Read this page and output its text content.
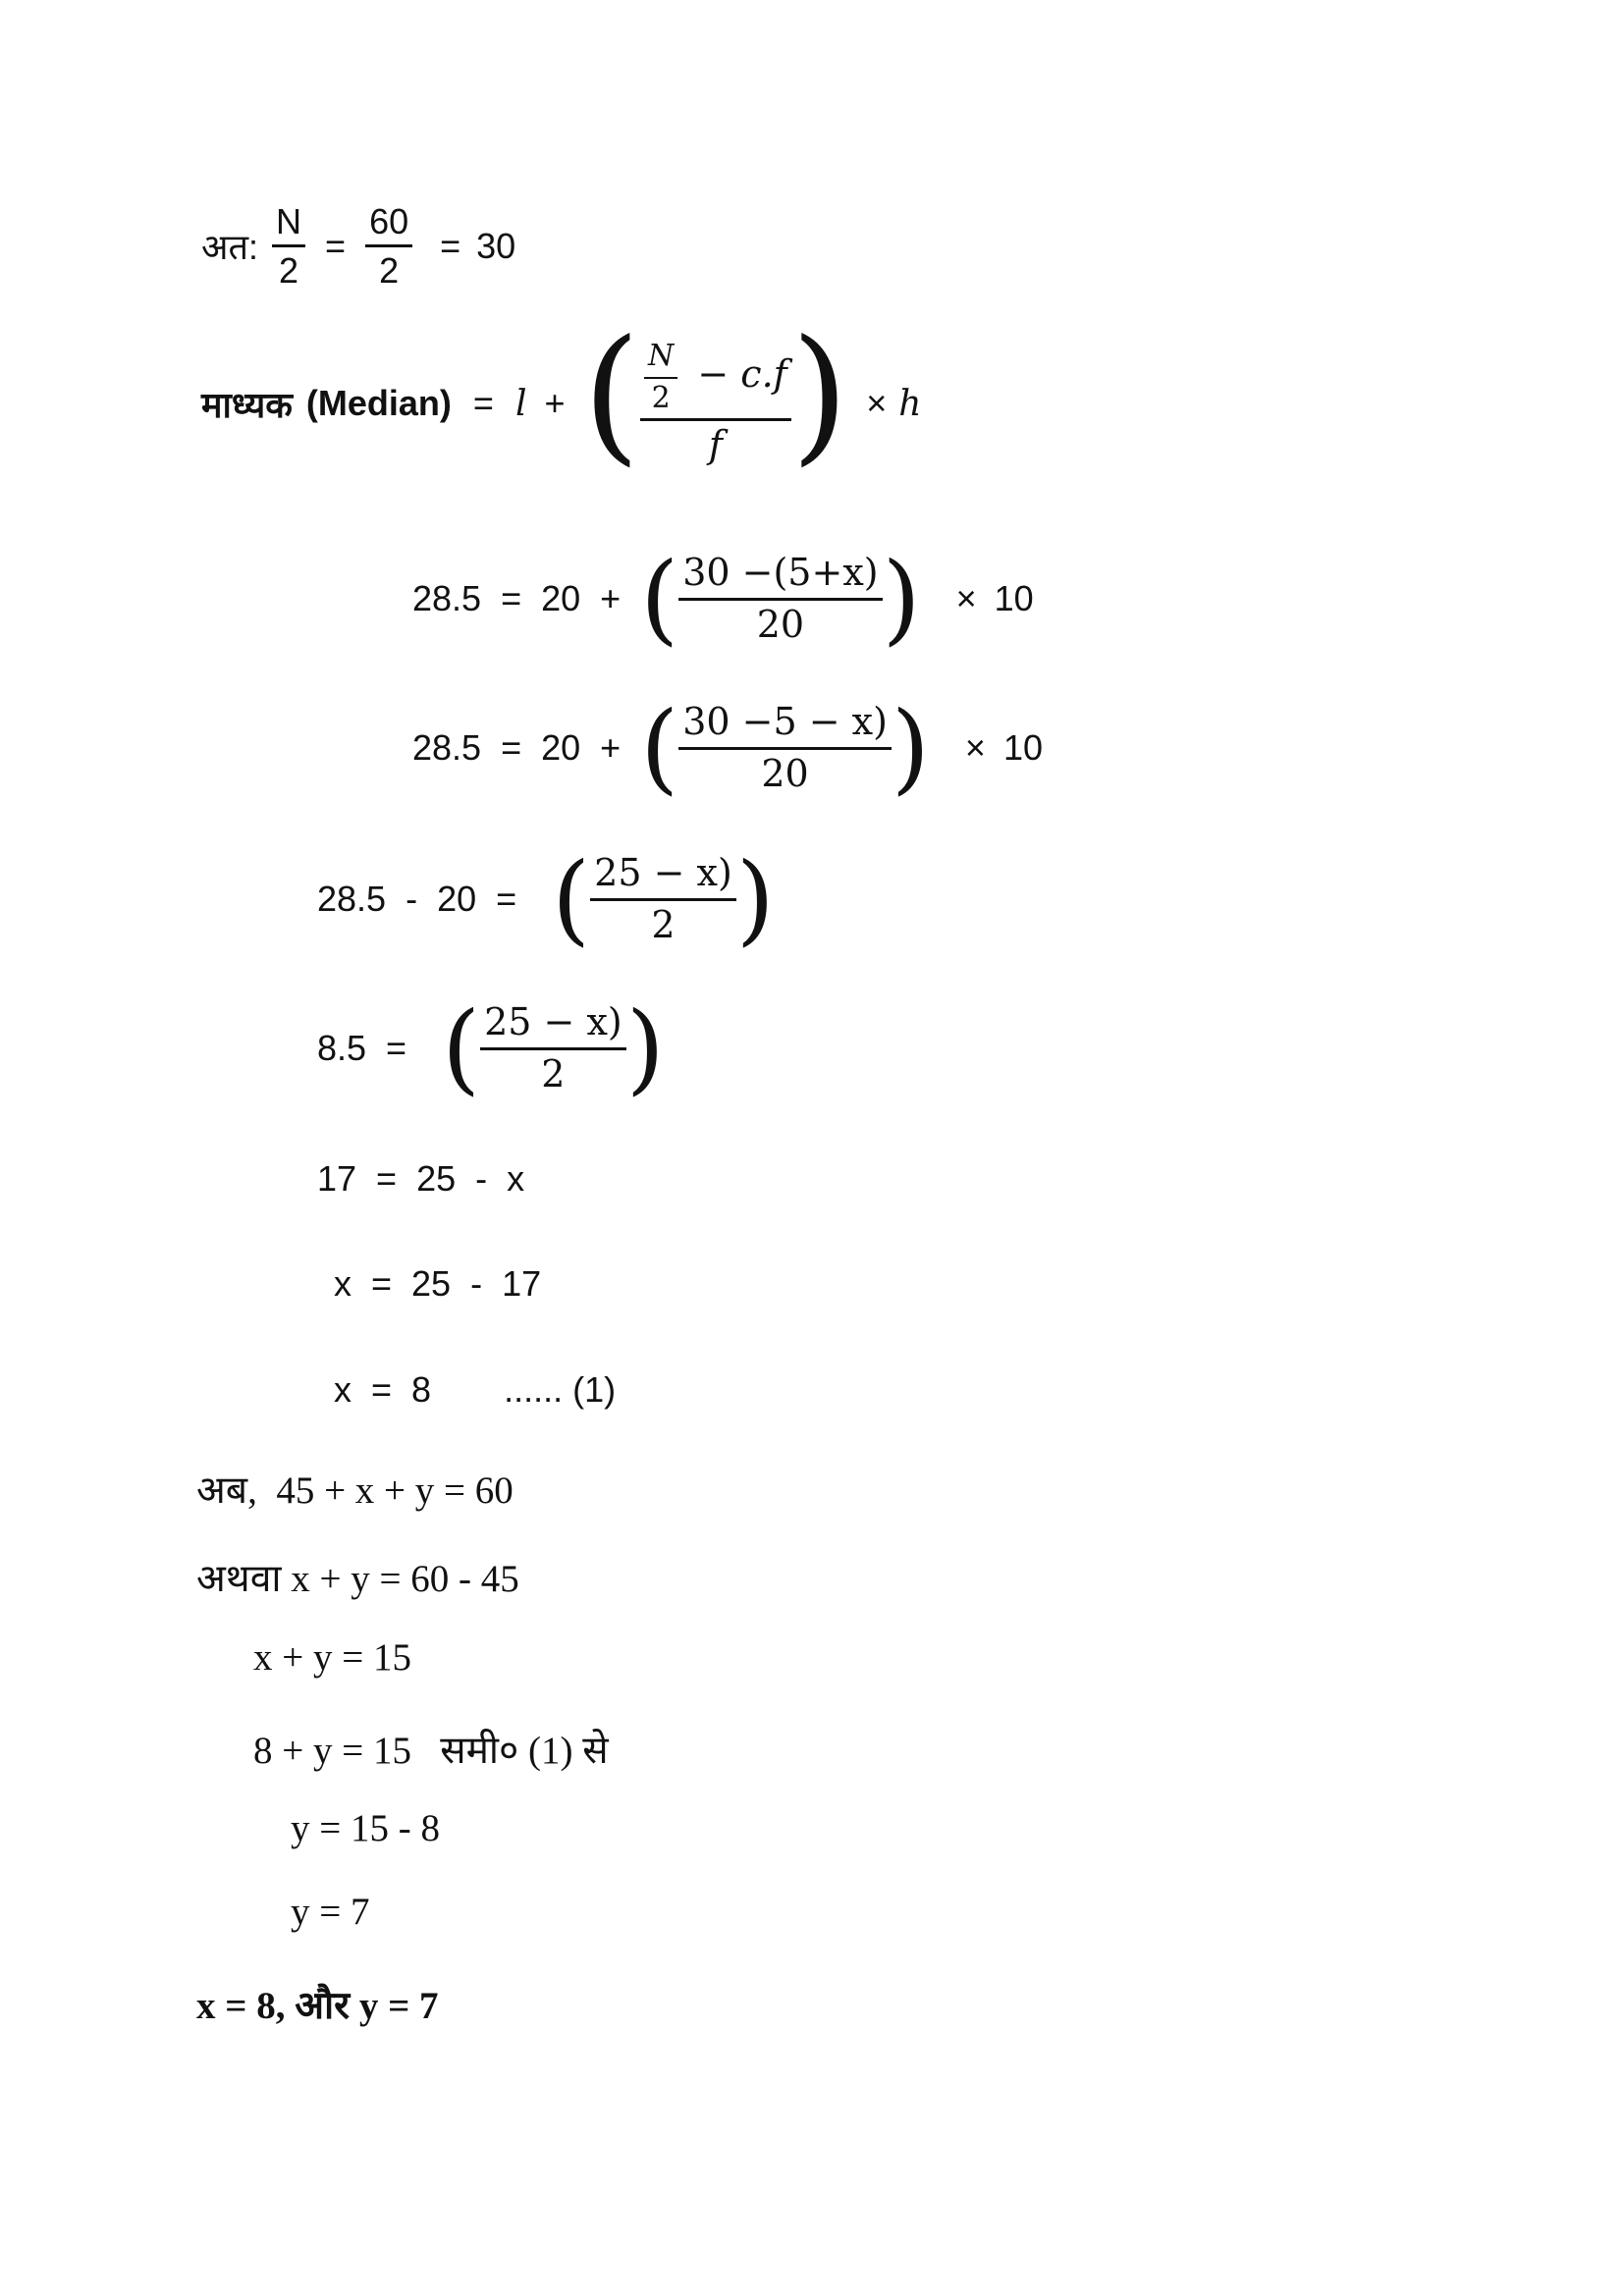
अत: $\frac{N}{2} = \frac{60}{2} = 30$
माध्यक (Median) = l + ( $\frac{\frac{N}{2} - c.f}{f}$ ) × h
28.5 = 20 + ( $\frac{30 -(5+x)}{20}$ ) × 10
28.5 = 20 + ( $\frac{30 -5 - x)}{20}$ ) × 10
28.5 - 20 = ( $\frac{25 - x)}{2}$ )
8.5 = ( $\frac{25 - x)}{2}$ )
17  =  25  -  x
x  =  25  -  17
x  =  8 ...... (1)
अब,  45 + x + y = 60
अथवा x + y = 60 - 45
x + y = 15
8 + y = 15   समी० (1) से
y = 15 - 8
y = 7
x = 8, और y = 7
